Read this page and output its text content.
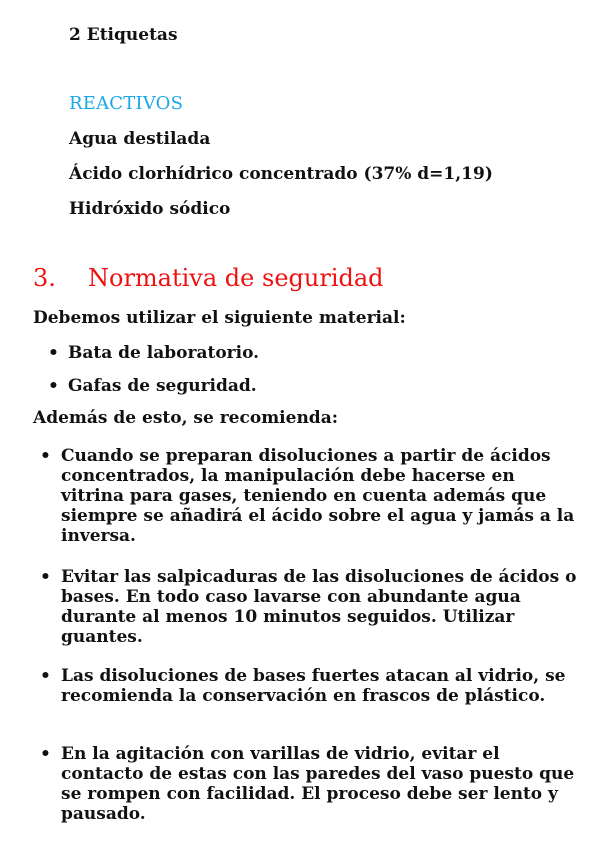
2 Etiquetas
REACTIVOS
Agua destilada
Ácido clorhídrico concentrado (37% d=1,19)
Hidróxido sódico
3. Normativa de seguridad
Debemos utilizar el siguiente material:
• Bata de laboratorio.
• Gafas de seguridad.
Además de esto, se recomienda:
• Cuando se preparan disoluciones a partir de ácidos concentrados, la manipulación debe hacerse en vitrina para gases, teniendo en cuenta además que siempre se añadirá el ácido sobre el agua y jamás a la inversa.
• Evitar las salpicaduras de las disoluciones de ácidos o bases. En todo caso lavarse con abundante agua durante al menos 10 minutos seguidos. Utilizar guantes.
• Las disoluciones de bases fuertes atacan al vidrio, se recomienda la conservación en frascos de plástico.
• En la agitación con varillas de vidrio, evitar el contacto de estas con las paredes del vaso puesto que se rompen con facilidad. El proceso debe ser lento y pausado.
